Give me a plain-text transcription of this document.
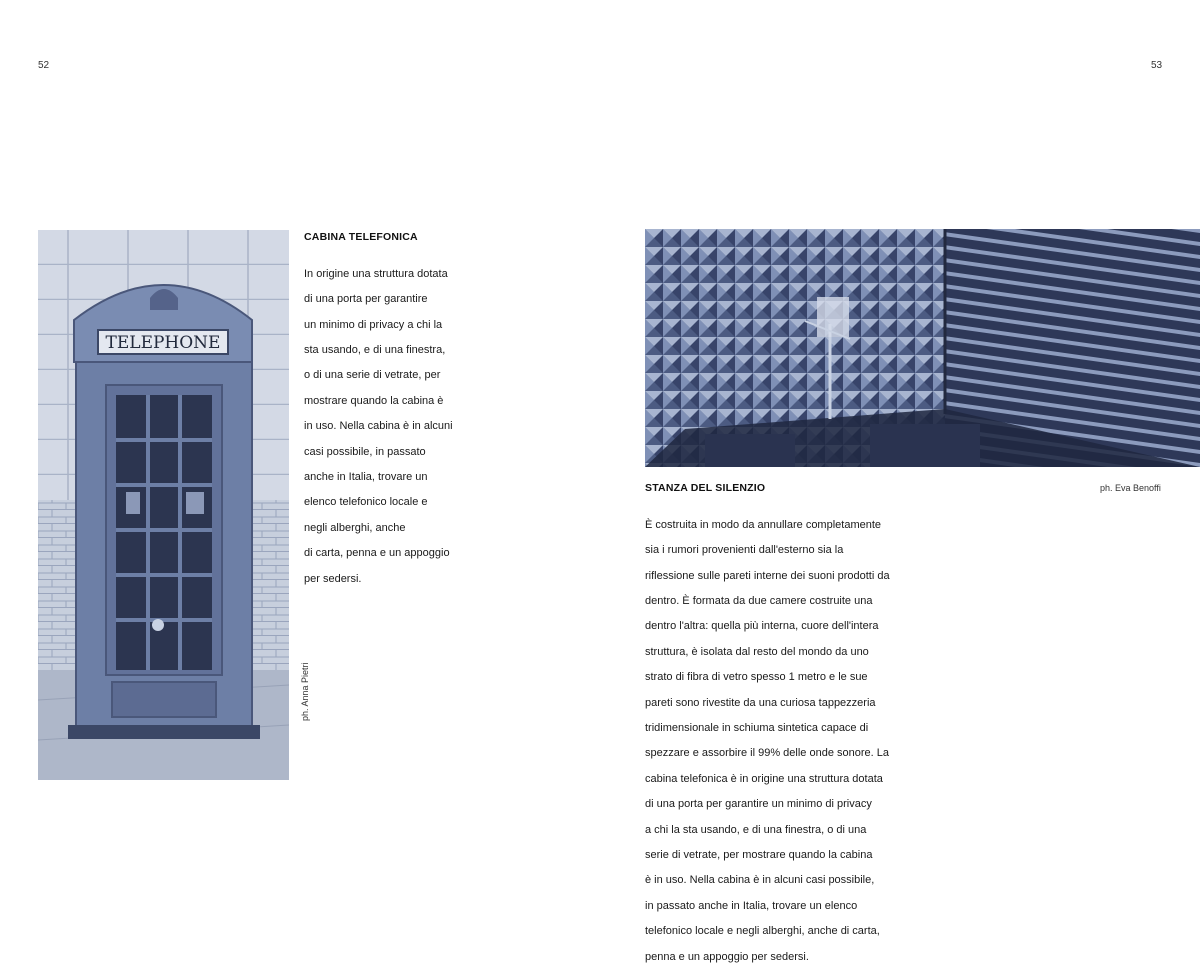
52	53
TELEPHONE
CABINA TELEFONICA

In origine una struttura dotata

di una porta per garantire

un minimo di privacy a chi la

sta usando, e di una finestra,

o di una serie di vetrate, per

mostrare quando la cabina è

in uso. Nella cabina è in alcuni

casi possibile, in passato

anche in Italia, trovare un

elenco telefonico locale e

negli alberghi, anche

di carta, penna e un appoggio

per sedersi.

ph. Anna Pietri
STANZA DEL SILENZIO	ph. Eva Benoffi

È costruita in modo da annullare completamente

sia i rumori provenienti dall'esterno sia la

riflessione sulle pareti interne dei suoni prodotti da

dentro. È formata da due camere costruite una

dentro l'altra: quella più interna, cuore dell'intera

struttura, è isolata dal resto del mondo da uno

strato di fibra di vetro spesso 1 metro e le sue

pareti sono rivestite da una curiosa tappezzeria

tridimensionale in schiuma sintetica capace di

spezzare e assorbire il 99% delle onde sonore. La

cabina telefonica è in origine una struttura dotata

di una porta per garantire un minimo di privacy

a chi la sta usando, e di una finestra, o di una

serie di vetrate, per mostrare quando la cabina

è in uso. Nella cabina è in alcuni casi possibile,

in passato anche in Italia, trovare un elenco

telefonico locale e negli alberghi, anche di carta,

penna e un appoggio per sedersi.
